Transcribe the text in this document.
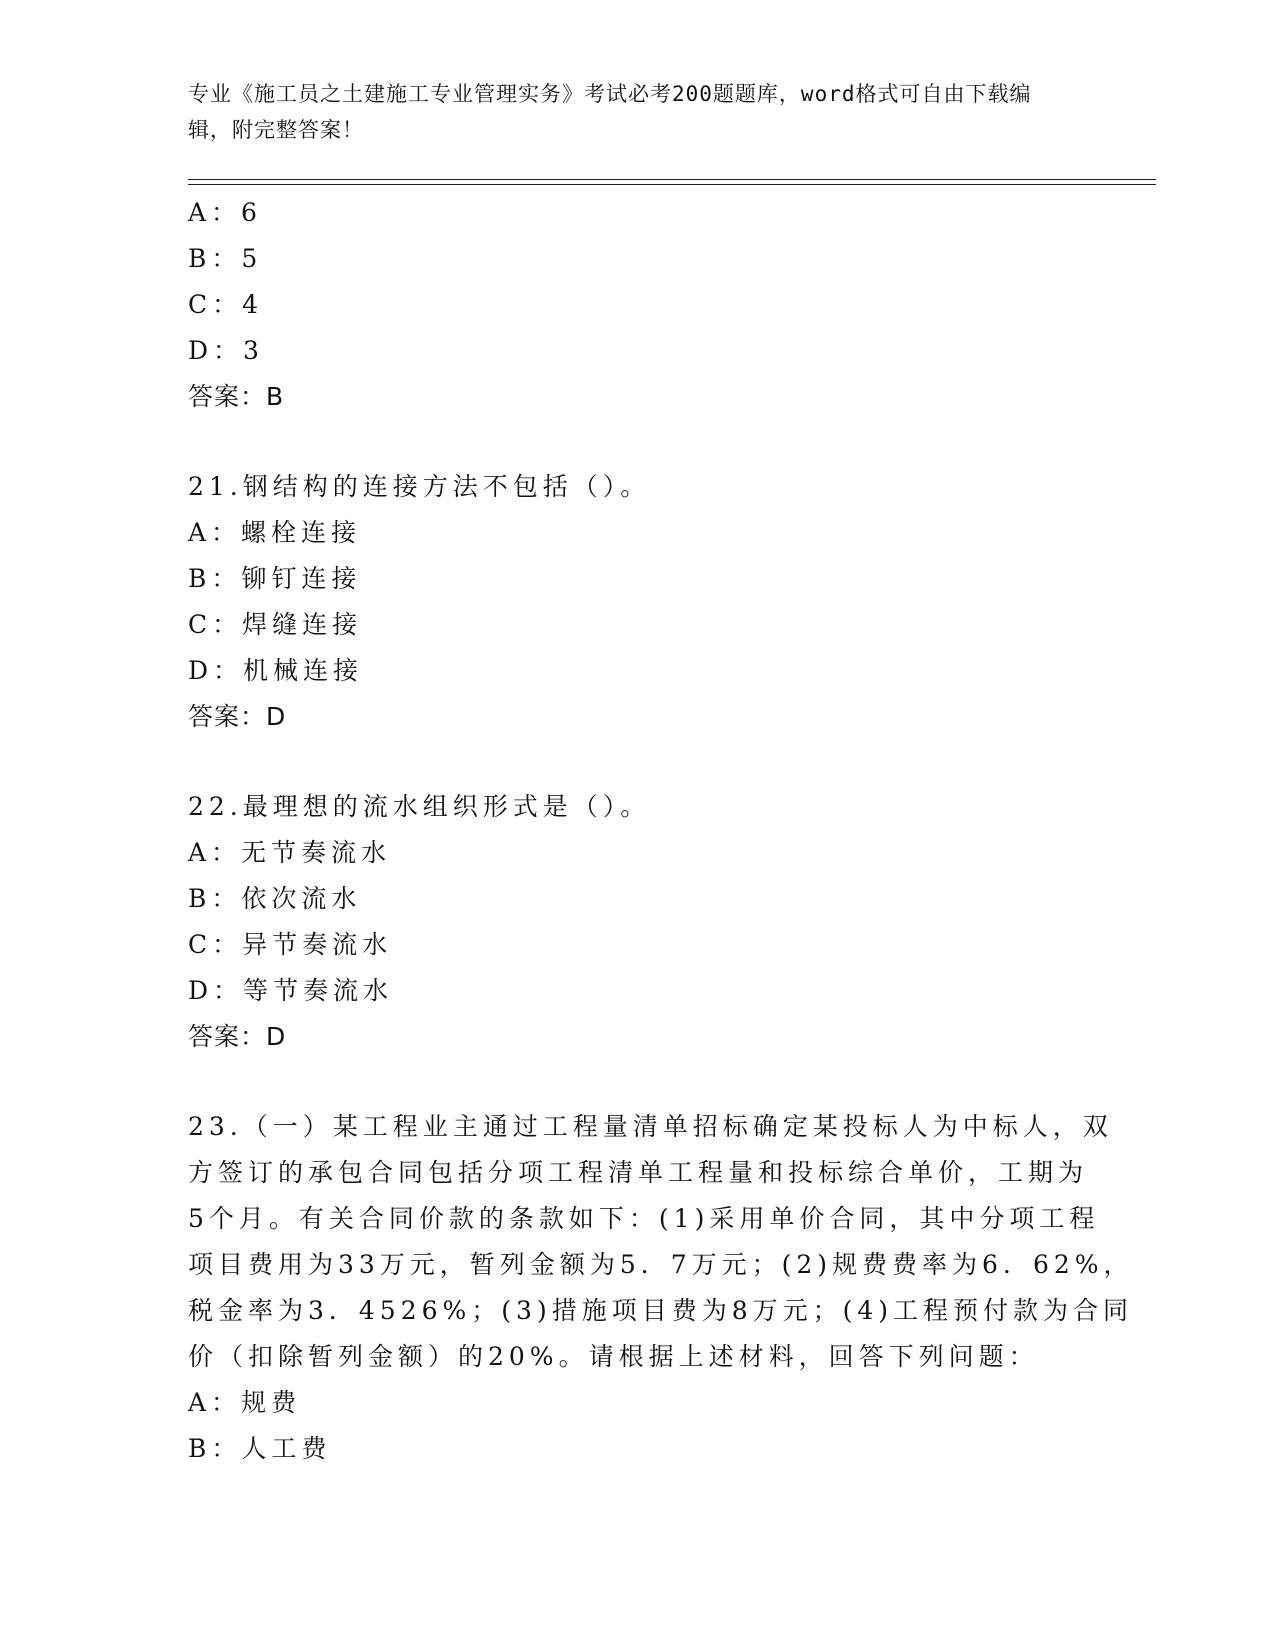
专业《施工员之土建施工专业管理实务》考试必考200题题库，word格式可自由下载编辑，附完整答案！
A：6
B：5
C：4
D：3
答案：B
21.钢结构的连接方法不包括（）。
A：螺栓连接
B：铆钉连接
C：焊缝连接
D：机械连接
答案：D
22.最理想的流水组织形式是（）。
A：无节奏流水
B：依次流水
C：异节奏流水
D：等节奏流水
答案：D
23.（一）某工程业主通过工程量清单招标确定某投标人为中标人，双
方签订的承包合同包括分项工程清单工程量和投标综合单价，工期为
5个月。有关合同价款的条款如下：(1)采用单价合同，其中分项工程
项目费用为33万元，暂列金额为5．7万元；(2)规费费率为6．62%，
税金率为3．4526%；(3)措施项目费为8万元；(4)工程预付款为合同
价（扣除暂列金额）的20%。请根据上述材料，回答下列问题：
A：规费
B：人工费
